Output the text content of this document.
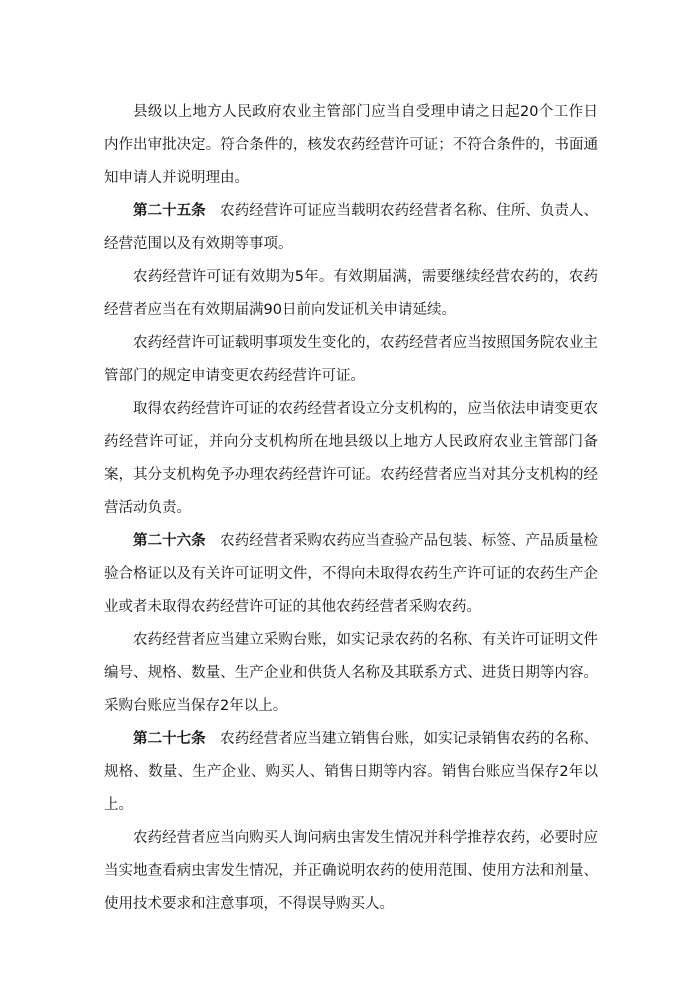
县级以上地方人民政府农业主管部门应当自受理申请之日起20个工作日内作出审批决定。符合条件的，核发农药经营许可证；不符合条件的，书面通知申请人并说明理由。

第二十五条 农药经营许可证应当载明农药经营者名称、住所、负责人、经营范围以及有效期等事项。

农药经营许可证有效期为5年。有效期届满，需要继续经营农药的，农药经营者应当在有效期届满90日前向发证机关申请延续。

农药经营许可证载明事项发生变化的，农药经营者应当按照国务院农业主管部门的规定申请变更农药经营许可证。

取得农药经营许可证的农药经营者设立分支机构的，应当依法申请变更农药经营许可证，并向分支机构所在地县级以上地方人民政府农业主管部门备案，其分支机构免予办理农药经营许可证。农药经营者应当对其分支机构的经营活动负责。

第二十六条 农药经营者采购农药应当查验产品包装、标签、产品质量检验合格证以及有关许可证明文件，不得向未取得农药生产许可证的农药生产企业或者未取得农药经营许可证的其他农药经营者采购农药。

农药经营者应当建立采购台账，如实记录农药的名称、有关许可证明文件编号、规格、数量、生产企业和供货人名称及其联系方式、进货日期等内容。采购台账应当保存2年以上。

第二十七条 农药经营者应当建立销售台账，如实记录销售农药的名称、规格、数量、生产企业、购买人、销售日期等内容。销售台账应当保存2年以上。

农药经营者应当向购买人询问病虫害发生情况并科学推荐农药，必要时应当实地查看病虫害发生情况，并正确说明农药的使用范围、使用方法和剂量、使用技术要求和注意事项，不得误导购买人。
